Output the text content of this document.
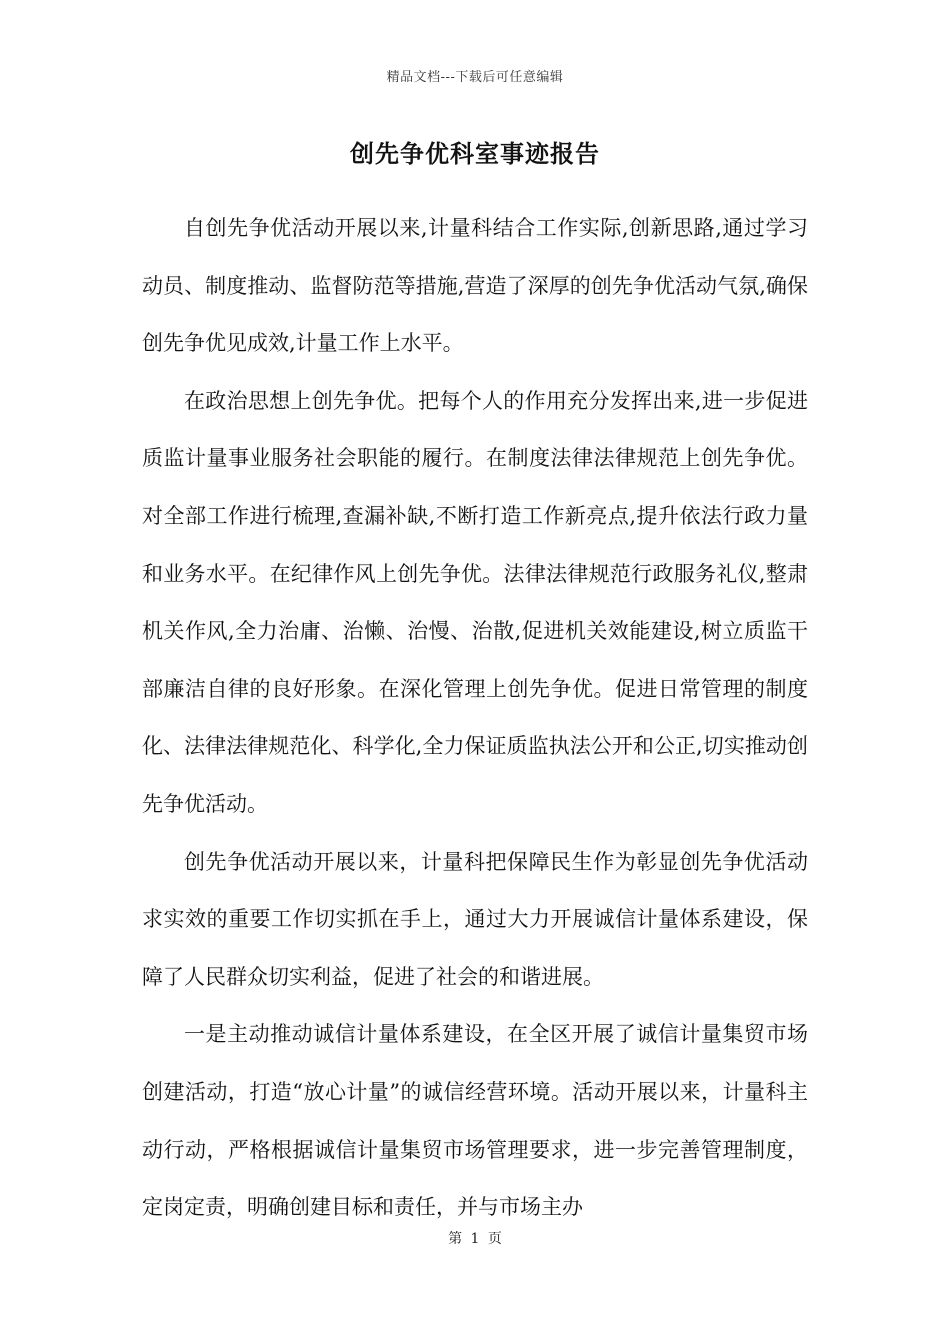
精品文档---下载后可任意编辑
创先争优科室事迹报告

自创先争优活动开展以来,计量科结合工作实际,创新思路,通过学习动员、制度推动、监督防范等措施,营造了深厚的创先争优活动气氛,确保创先争优见成效,计量工作上水平。

在政治思想上创先争优。把每个人的作用充分发挥出来,进一步促进质监计量事业服务社会职能的履行。在制度法律法律规范上创先争优。对全部工作进行梳理,查漏补缺,不断打造工作新亮点,提升依法行政力量和业务水平。在纪律作风上创先争优。法律法律规范行政服务礼仪,整肃机关作风,全力治庸、治懒、治慢、治散,促进机关效能建设,树立质监干部廉洁自律的良好形象。在深化管理上创先争优。促进日常管理的制度化、法律法律规范化、科学化,全力保证质监执法公开和公正,切实推动创先争优活动。

创先争优活动开展以来，计量科把保障民生作为彰显创先争优活动求实效的重要工作切实抓在手上，通过大力开展诚信计量体系建设，保障了人民群众切实利益，促进了社会的和谐进展。

一是主动推动诚信计量体系建设，在全区开展了诚信计量集贸市场创建活动，打造“放心计量”的诚信经营环境。活动开展以来，计量科主动行动，严格根据诚信计量集贸市场管理要求，进一步完善管理制度，定岗定责，明确创建目标和责任，并与市场主办

第 1 页
